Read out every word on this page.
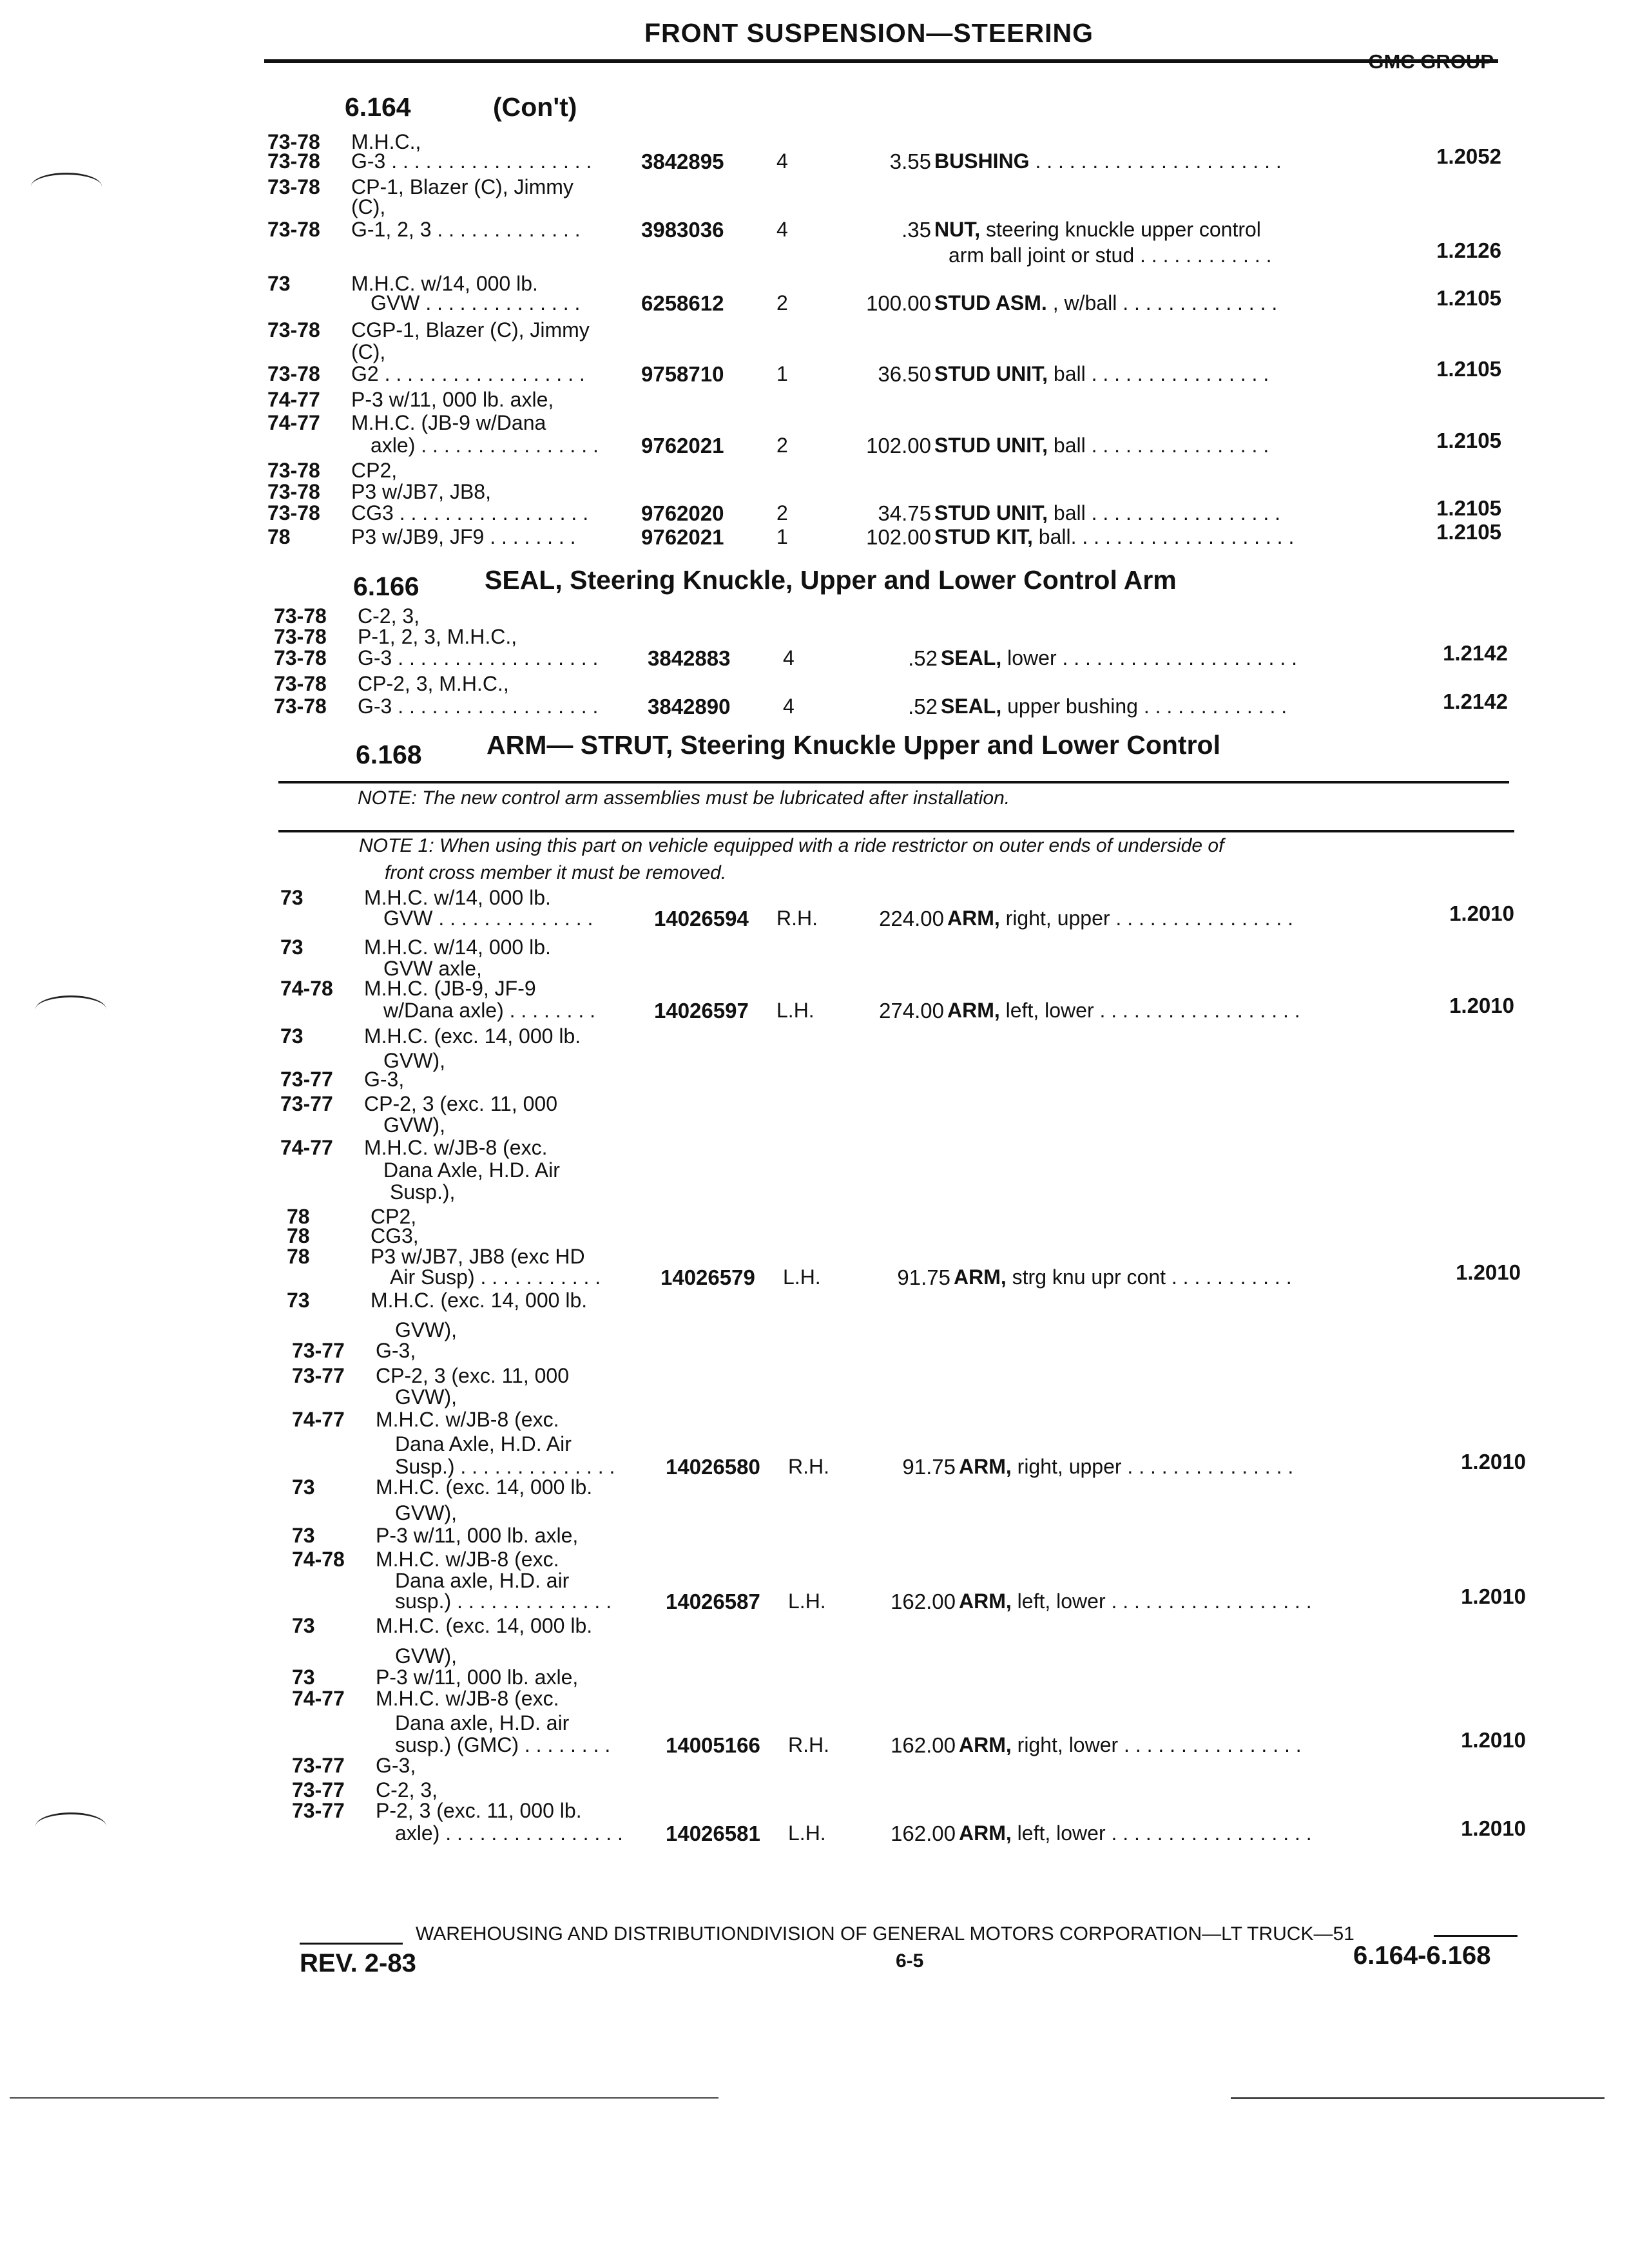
FRONT SUSPENSION—STEERING
GMC GROUP
6.164	(Con't)
6.166 SEAL, Steering Knuckle, Upper and Lower Control Arm
6.168 ARM— STRUT, Steering Knuckle Upper and Lower Control
NOTE: The new control arm assemblies must be lubricated after installation.
NOTE 1: When using this part on vehicle equipped with a ride restrictor on outer ends of underside of
front cross member it must be removed.
73-78 M.H.C.,
73-78 G-3 . . . . . . . . . . . . . . . . . . 3842895	4	3.55 BUSHING . . . . . . . . . . . . . . . . . . . . . .	1.2052
73-78 CP-1, Blazer (C), Jimmy
(C),
73-78 G-1, 2, 3 . . . . . . . . . . . . .	3983036	4	.35 NUT, steering knuckle upper control
arm ball joint or stud . . . . . . . . . . . .	1.2126
73	M.H.C. w/14, 000 lb.
GVW . . . . . . . . . . . . . .	6258612	2	100.00 STUD ASM. , w/ball . . . . . . . . . . . . . .	1.2105
73-78 CGP-1, Blazer (C), Jimmy
(C),
73-78 G2 . . . . . . . . . . . . . . . . . .	9758710	1	36.50 STUD UNIT, ball . . . . . . . . . . . . . . . .	1.2105
74-77 P-3 w/11, 000 lb. axle,
74-77 M.H.C. (JB-9 w/Dana
axle) . . . . . . . . . . . . . . . . 9762021	2	102.00 STUD UNIT, ball . . . . . . . . . . . . . . . .	1.2105
73-78 CP2,
73-78 P3 w/JB7, JB8,
73-78 CG3 . . . . . . . . . . . . . . . . . 9762020	2	34.75 STUD UNIT, ball . . . . . . . . . . . . . . . . .	1.2105
78	P3 w/JB9, JF9 . . . . . . . .	9762021	1	102.00 STUD KIT, ball. . . . . . . . . . . . . . . . . . . .	1.2105
73-78 C-2, 3,
73-78 P-1, 2, 3, M.H.C.,
73-78 G-3 . . . . . . . . . . . . . . . . . . 3842883	4	.52 SEAL, lower . . . . . . . . . . . . . . . . . . . . .	1.2142
73-78 CP-2, 3, M.H.C.,
73-78 G-3 . . . . . . . . . . . . . . . . . . 3842890	4	.52 SEAL, upper bushing . . . . . . . . . . . . .	1.2142
73	M.H.C. w/14, 000 lb.
GVW . . . . . . . . . . . . . .	14026594 R.H.	224.00 ARM, right, upper . . . . . . . . . . . . . . . .	1.2010
73	M.H.C. w/14, 000 lb.
GVW axle,
74-78 M.H.C. (JB-9, JF-9
w/Dana axle) . . . . . . . .	14026597 L.H.	274.00 ARM, left, lower . . . . . . . . . . . . . . . . . .	1.2010
73	M.H.C. (exc. 14, 000 lb.
GVW),
73-77 G-3,
73-77 CP-2, 3 (exc. 11, 000
GVW),
74-77 M.H.C. w/JB-8 (exc.
Dana Axle, H.D. Air
Susp.),
78	CP2,
78	CG3,
78	P3 w/JB7, JB8 (exc HD
Air Susp) . . . . . . . . . . .	14026579 L.H.	91.75 ARM, strg knu upr cont . . . . . . . . . . .	1.2010
73	M.H.C. (exc. 14, 000 lb.
GVW),
73-77 G-3,
73-77 CP-2, 3 (exc. 11, 000
GVW),
74-77 M.H.C. w/JB-8 (exc.
Dana Axle, H.D. Air
Susp.) . . . . . . . . . . . . . . 14026580 R.H.	91.75 ARM, right, upper . . . . . . . . . . . . . . .	1.2010
73	M.H.C. (exc. 14, 000 lb.
GVW),
73	P-3 w/11, 000 lb. axle,
74-78 M.H.C. w/JB-8 (exc.
Dana axle, H.D. air
susp.) . . . . . . . . . . . . . .	14026587 L.H.	162.00 ARM, left, lower . . . . . . . . . . . . . . . . . .	1.2010
73	M.H.C. (exc. 14, 000 lb.
GVW),
73	P-3 w/11, 000 lb. axle,
74-77 M.H.C. w/JB-8 (exc.
Dana axle, H.D. air
susp.) (GMC) . . . . . . . .	14005166 R.H.	162.00 ARM, right, lower . . . . . . . . . . . . . . . .	1.2010
73-77 G-3,
73-77 C-2, 3,
73-77 P-2, 3 (exc. 11, 000 lb.
axle) . . . . . . . . . . . . . . . . 14026581 L.H.	162.00 ARM, left, lower . . . . . . . . . . . . . . . . . .	1.2010
WAREHOUSING AND DISTRIBUTIONDIVISION OF GENERAL MOTORS CORPORATION—LT TRUCK—51
REV. 2-83	6-5	6.164-6.168
